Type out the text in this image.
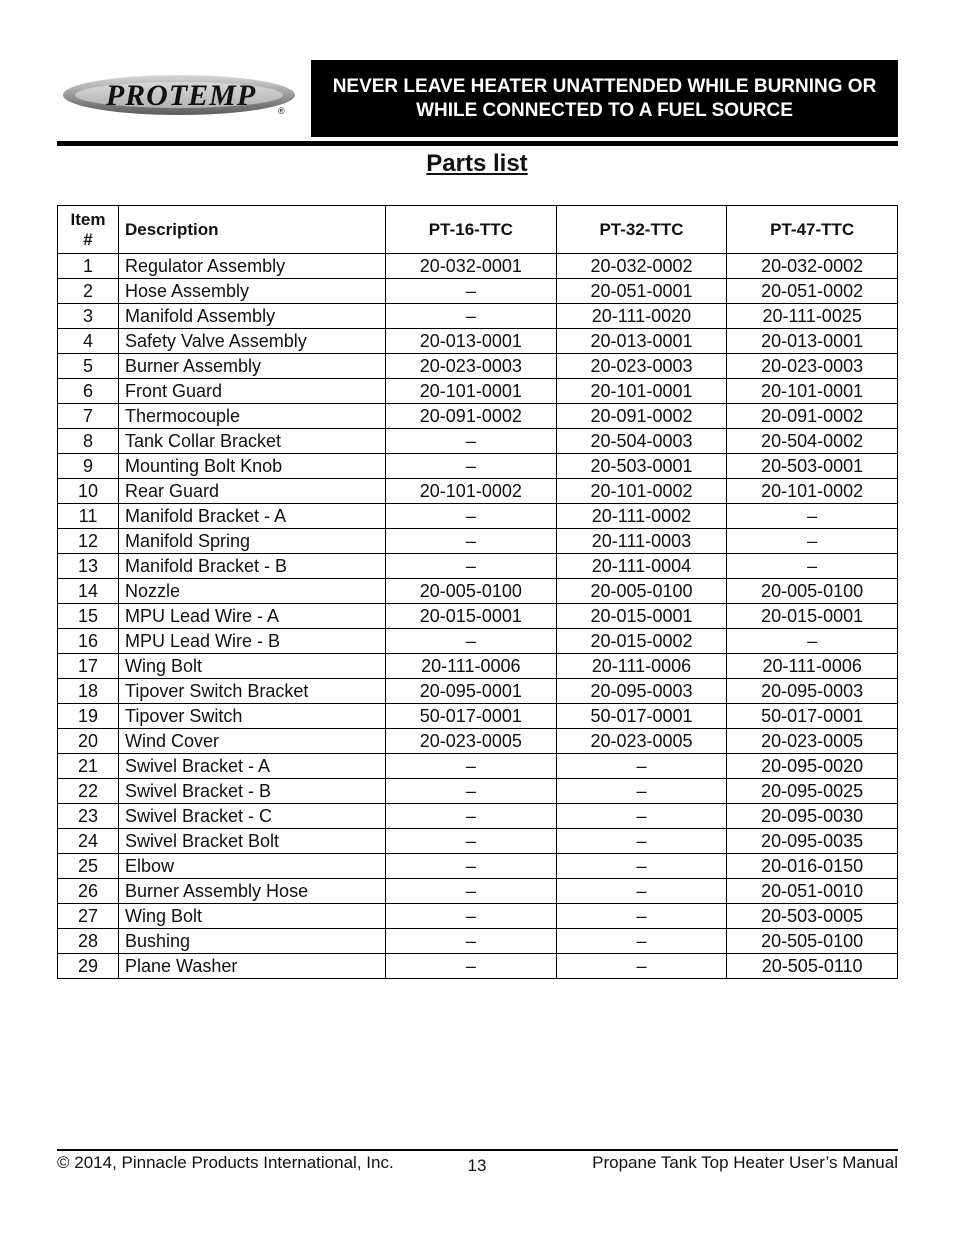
PROTEMP ®
NEVER LEAVE HEATER UNATTENDED WHILE BURNING OR
WHILE CONNECTED TO A FUEL SOURCE
Parts list
Item
#	Description	PT-16-TTC	PT-32-TTC	PT-47-TTC
1	Regulator Assembly	20-032-0001	20-032-0002	20-032-0002
2	Hose Assembly	–	20-051-0001	20-051-0002
3	Manifold Assembly	–	20-111-0020	20-111-0025
4	Safety Valve Assembly	20-013-0001	20-013-0001	20-013-0001
5	Burner Assembly	20-023-0003	20-023-0003	20-023-0003
6	Front Guard	20-101-0001	20-101-0001	20-101-0001
7	Thermocouple	20-091-0002	20-091-0002	20-091-0002
8	Tank Collar Bracket	–	20-504-0003	20-504-0002
9	Mounting Bolt Knob	–	20-503-0001	20-503-0001
10	Rear Guard	20-101-0002	20-101-0002	20-101-0002
11	Manifold Bracket - A	–	20-111-0002	–
12	Manifold Spring	–	20-111-0003	–
13	Manifold Bracket - B	–	20-111-0004	–
14	Nozzle	20-005-0100	20-005-0100	20-005-0100
15	MPU Lead Wire - A	20-015-0001	20-015-0001	20-015-0001
16	MPU Lead Wire - B	–	20-015-0002	–
17	Wing Bolt	20-111-0006	20-111-0006	20-111-0006
18	Tipover Switch Bracket	20-095-0001	20-095-0003	20-095-0003
19	Tipover Switch	50-017-0001	50-017-0001	50-017-0001
20	Wind Cover	20-023-0005	20-023-0005	20-023-0005
21	Swivel Bracket - A	–	–	20-095-0020
22	Swivel Bracket - B	–	–	20-095-0025
23	Swivel Bracket - C	–	–	20-095-0030
24	Swivel Bracket Bolt	–	–	20-095-0035
25	Elbow	–	–	20-016-0150
26	Burner Assembly Hose	–	–	20-051-0010
27	Wing Bolt	–	–	20-503-0005
28	Bushing	–	–	20-505-0100
29	Plane Washer	–	–	20-505-0110
© 2014, Pinnacle Products International, Inc.	13	Propane Tank Top Heater User’s Manual
